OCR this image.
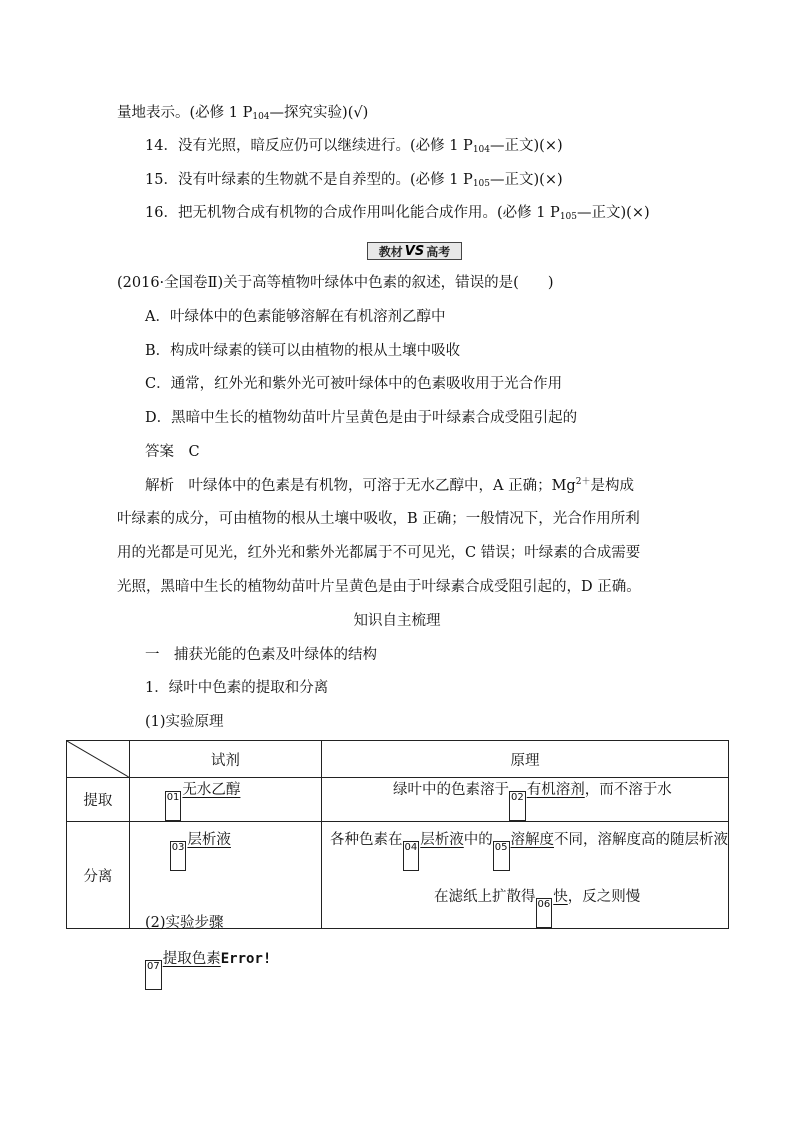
量地表示。(必修 1 $P_{104}—$探究实验)(√)
14．没有光照，暗反应仍可以继续进行。(必修 1 $P_{104}—$正文)(×)
15．没有叶绿素的生物就不是自养型的。(必修 1 $P_{105}—$正文)(×)
16．把无机物合成有机物的合成作用叫化能合成作用。(必修 1 $P_{105}—$正文)(×)
教材 VS 高考
(2016·全国卷Ⅱ)关于高等植物叶绿体中色素的叙述，错误的是(　　)
A．叶绿体中的色素能够溶解在有机溶剂乙醇中
B．构成叶绿素的镁可以由植物的根从土壤中吸收
C．通常，红外光和紫外光可被叶绿体中的色素吸收用于光合作用
D．黑暗中生长的植物幼苗叶片呈黄色是由于叶绿素合成受阻引起的
答案　 C
解析　 叶绿体中的色素是有机物，可溶于无水乙醇中，A 正确；$Mg^{2+}$是构成
叶绿素的成分，可由植物的根从土壤中吸收，B 正确；一般情况下，光合作用所利
用的光都是可见光，红外光和紫外光都属于不可见光，C 错误；叶绿素的合成需要
光照，黑暗中生长的植物幼苗叶片呈黄色是由于叶绿素合成受阻引起的，D 正确。
知识自主梳理
一　捕获光能的色素及叶绿体的结构
1．绿叶中色素的提取和分离
(1)实验原理
	试剂	原理
提取	01 无水乙醇	绿叶中的色素溶于 02 有机溶剂，而不溶于水
分离	03 层析液	各种色素在 04 层析液中的 05 溶解度不同，溶解度高的随层析液
在滤纸上扩散得 06 快，反之则慢
(2)实验步骤
07 提取色素Error!
